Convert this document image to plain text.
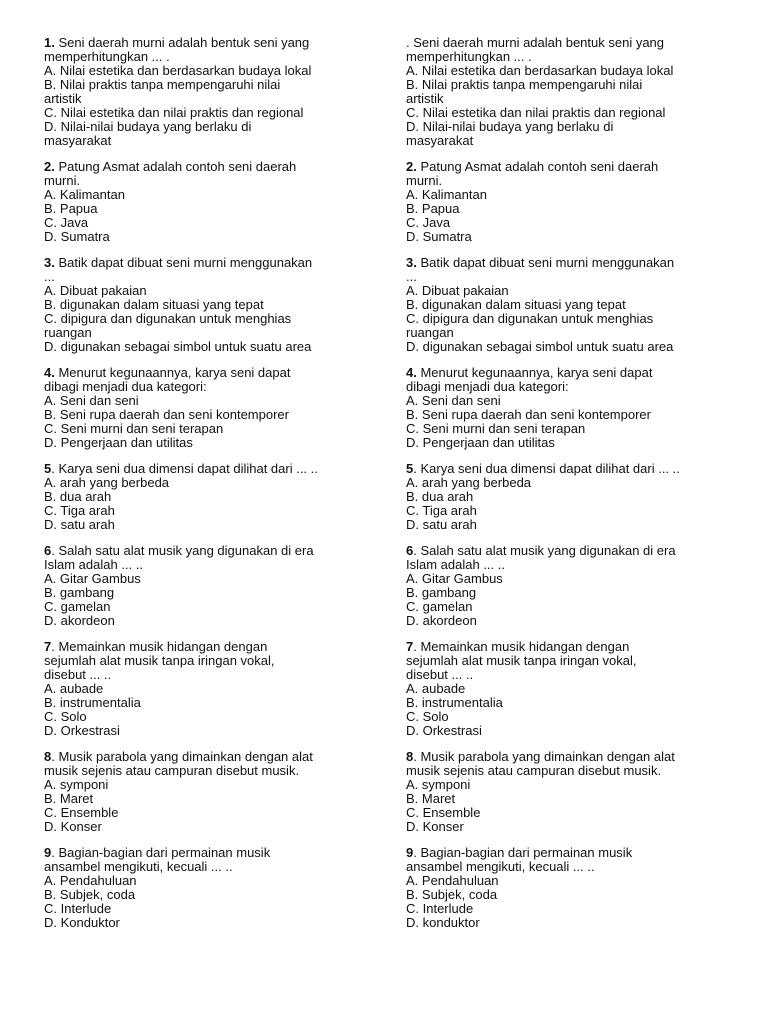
1. Seni daerah murni adalah bentuk seni yang
memperhitungkan ... .
A. Nilai estetika dan berdasarkan budaya lokal
B. Nilai praktis tanpa mempengaruhi nilai
artistik
C. Nilai estetika dan nilai praktis dan regional
D. Nilai-nilai budaya yang berlaku di
masyarakat
2. Patung Asmat adalah contoh seni daerah
murni.
A. Kalimantan
B. Papua
C. Java
D. Sumatra
3. Batik dapat dibuat seni murni menggunakan
...
A. Dibuat pakaian
B. digunakan dalam situasi yang tepat
C. dipigura dan digunakan untuk menghias
ruangan
D. digunakan sebagai simbol untuk suatu area
4. Menurut kegunaannya, karya seni dapat
dibagi menjadi dua kategori:
A. Seni dan seni
B. Seni rupa daerah dan seni kontemporer
C. Seni murni dan seni terapan
D. Pengerjaan dan utilitas
5. Karya seni dua dimensi dapat dilihat dari ... ..
A. arah yang berbeda
B. dua arah
C. Tiga arah
D. satu arah
6. Salah satu alat musik yang digunakan di era
Islam adalah ... ..
A. Gitar Gambus
B. gambang
C. gamelan
D. akordeon
7. Memainkan musik hidangan dengan
sejumlah alat musik tanpa iringan vokal,
disebut ... ..
A. aubade
B. instrumentalia
C. Solo
D. Orkestrasi
8. Musik parabola yang dimainkan dengan alat
musik sejenis atau campuran disebut musik.
A. symponi
B. Maret
C. Ensemble
D. Konser
9. Bagian-bagian dari permainan musik
ansambel mengikuti, kecuali ... ..
A. Pendahuluan
B. Subjek, coda
C. Interlude
D. Konduktor
. Seni daerah murni adalah bentuk seni yang
memperhitungkan ... .
A. Nilai estetika dan berdasarkan budaya lokal
B. Nilai praktis tanpa mempengaruhi nilai
artistik
C. Nilai estetika dan nilai praktis dan regional
D. Nilai-nilai budaya yang berlaku di
masyarakat
2. Patung Asmat adalah contoh seni daerah
murni.
A. Kalimantan
B. Papua
C. Java
D. Sumatra
3. Batik dapat dibuat seni murni menggunakan
...
A. Dibuat pakaian
B. digunakan dalam situasi yang tepat
C. dipigura dan digunakan untuk menghias
ruangan
D. digunakan sebagai simbol untuk suatu area
4. Menurut kegunaannya, karya seni dapat
dibagi menjadi dua kategori:
A. Seni dan seni
B. Seni rupa daerah dan seni kontemporer
C. Seni murni dan seni terapan
D. Pengerjaan dan utilitas
5. Karya seni dua dimensi dapat dilihat dari ... ..
A. arah yang berbeda
B. dua arah
C. Tiga arah
D. satu arah
6. Salah satu alat musik yang digunakan di era
Islam adalah ... ..
A. Gitar Gambus
B. gambang
C. gamelan
D. akordeon
7. Memainkan musik hidangan dengan
sejumlah alat musik tanpa iringan vokal,
disebut ... ..
A. aubade
B. instrumentalia
C. Solo
D. Orkestrasi
8. Musik parabola yang dimainkan dengan alat
musik sejenis atau campuran disebut musik.
A. symponi
B. Maret
C. Ensemble
D. Konser
9. Bagian-bagian dari permainan musik
ansambel mengikuti, kecuali ... ..
A. Pendahuluan
B. Subjek, coda
C. Interlude
D. konduktor
